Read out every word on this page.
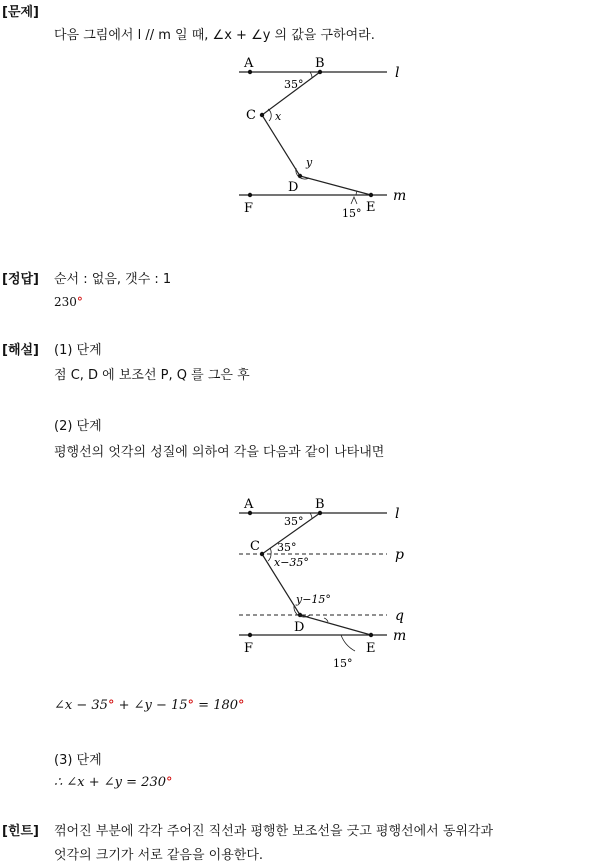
[문제]
다음 그림에서 l // m 일 때, ∠x + ∠y 의 값을 구하여라.
A	B
C
D
E
F
l
m
35°
x
y
15°
[정답] 순서 : 없음, 갯수 : 1
230°
[해설] (1) 단계
점 C, D 에 보조선 P, Q 를 그은 후
(2) 단계
평행선의 엇각의 성질에 의하여 각을 다음과 같이 나타내면
A	B
C
D
E
F
l
p
q
m
35°
35°
x−35°
y−15°
15°
∠x − 35° + ∠y − 15° = 180°
(3) 단계
∴ ∠x + ∠y = 230°
[힌트] 꺾어진 부분에 각각 주어진 직선과 평행한 보조선을 긋고 평행선에서 동위각과
엇각의 크기가 서로 같음을 이용한다.
